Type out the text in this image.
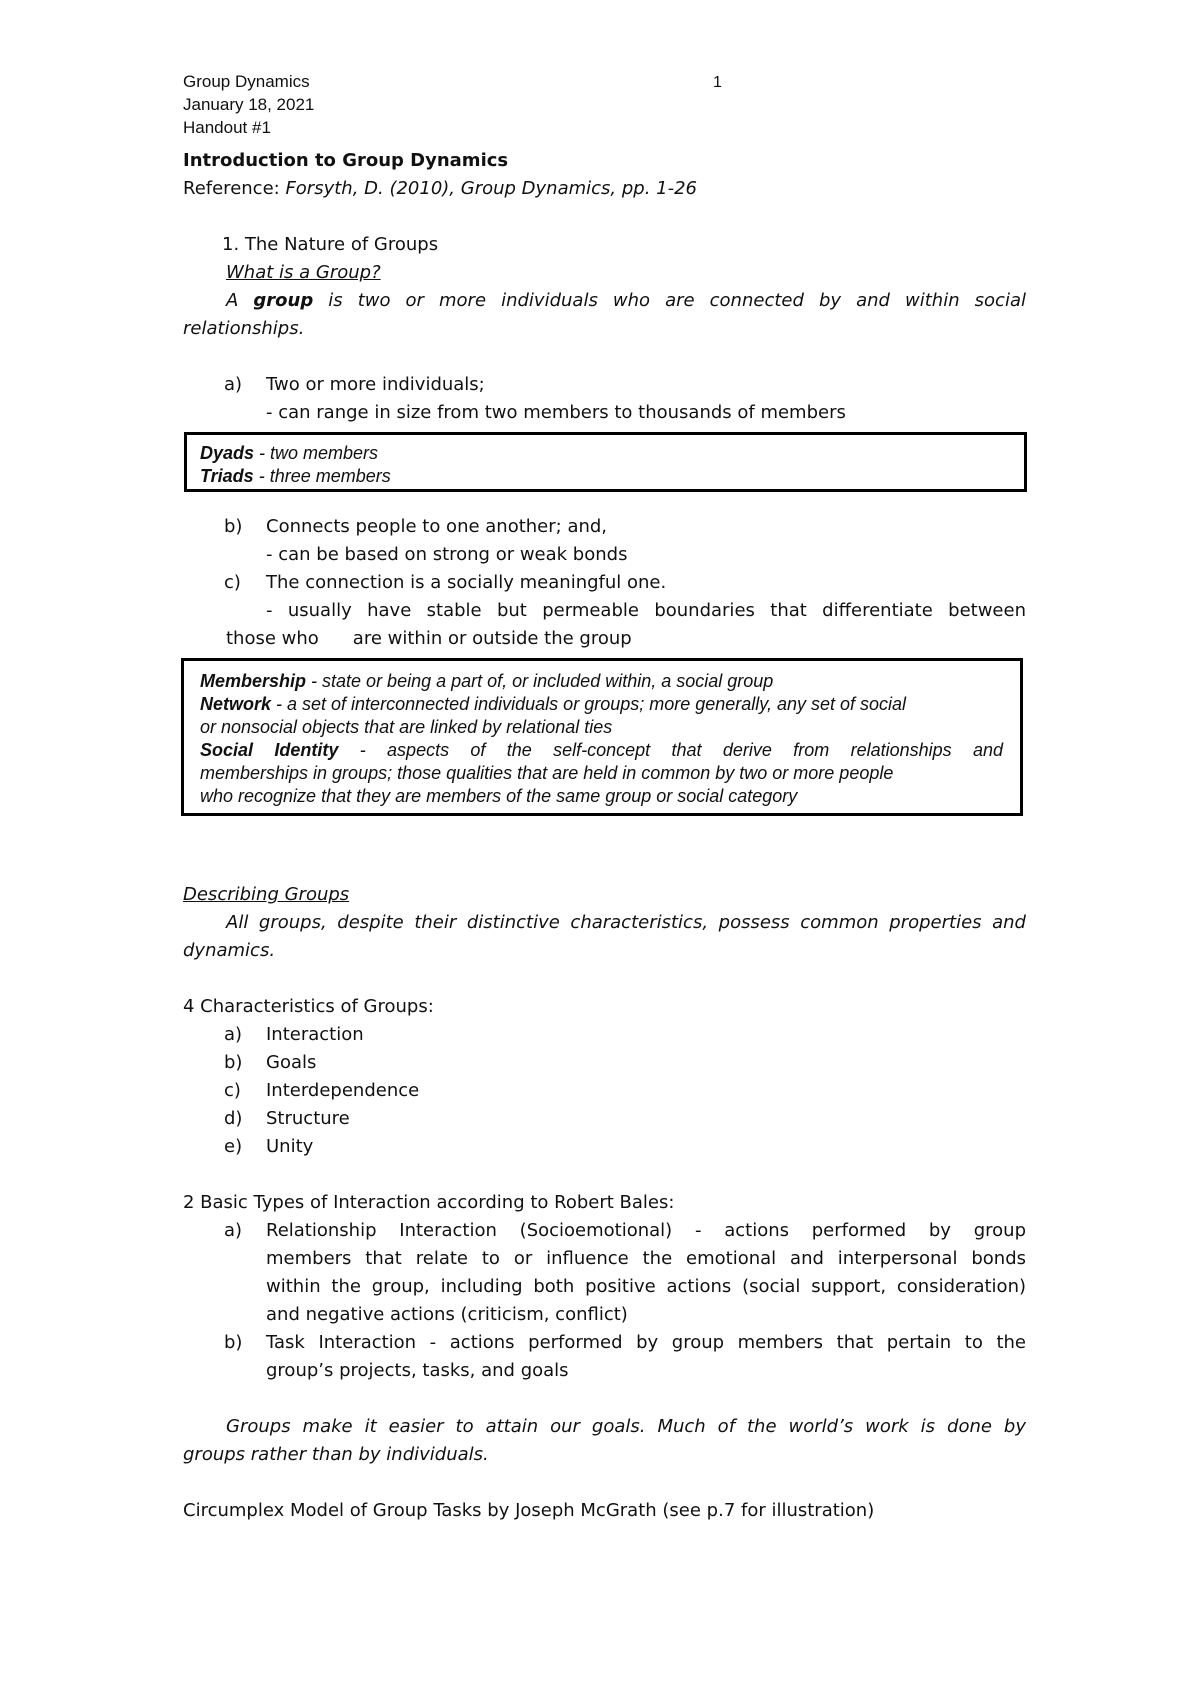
Group Dynamics
January 18, 2021
Handout #1
1
Introduction to Group Dynamics
Reference: Forsyth, D. (2010), Group Dynamics, pp. 1-26
1. The Nature of Groups
What is a Group?
A group is two or more individuals who are connected by and within social
relationships.
a) Two or more individuals;
- can range in size from two members to thousands of members
Dyads - two members
Triads - three members
b) Connects people to one another; and,
- can be based on strong or weak bonds
c) The connection is a socially meaningful one.
- usually have stable but permeable boundaries that differentiate between
those who are within or outside the group
Membership - state or being a part of, or included within, a social group
Network - a set of interconnected individuals or groups; more generally, any set of social
or nonsocial objects that are linked by relational ties
Social Identity - aspects of the self-concept that derive from relationships and
memberships in groups; those qualities that are held in common by two or more people
who recognize that they are members of the same group or social category
Describing Groups
All groups, despite their distinctive characteristics, possess common properties and
dynamics.
4 Characteristics of Groups:
a) Interaction
b) Goals
c) Interdependence
d) Structure
e) Unity
2 Basic Types of Interaction according to Robert Bales:
a) Relationship Interaction (Socioemotional) - actions performed by group
members that relate to or influence the emotional and interpersonal bonds
within the group, including both positive actions (social support, consideration)
and negative actions (criticism, conflict)
b) Task Interaction - actions performed by group members that pertain to the
group’s projects, tasks, and goals
Groups make it easier to attain our goals. Much of the world’s work is done by
groups rather than by individuals.
Circumplex Model of Group Tasks by Joseph McGrath (see p.7 for illustration)
